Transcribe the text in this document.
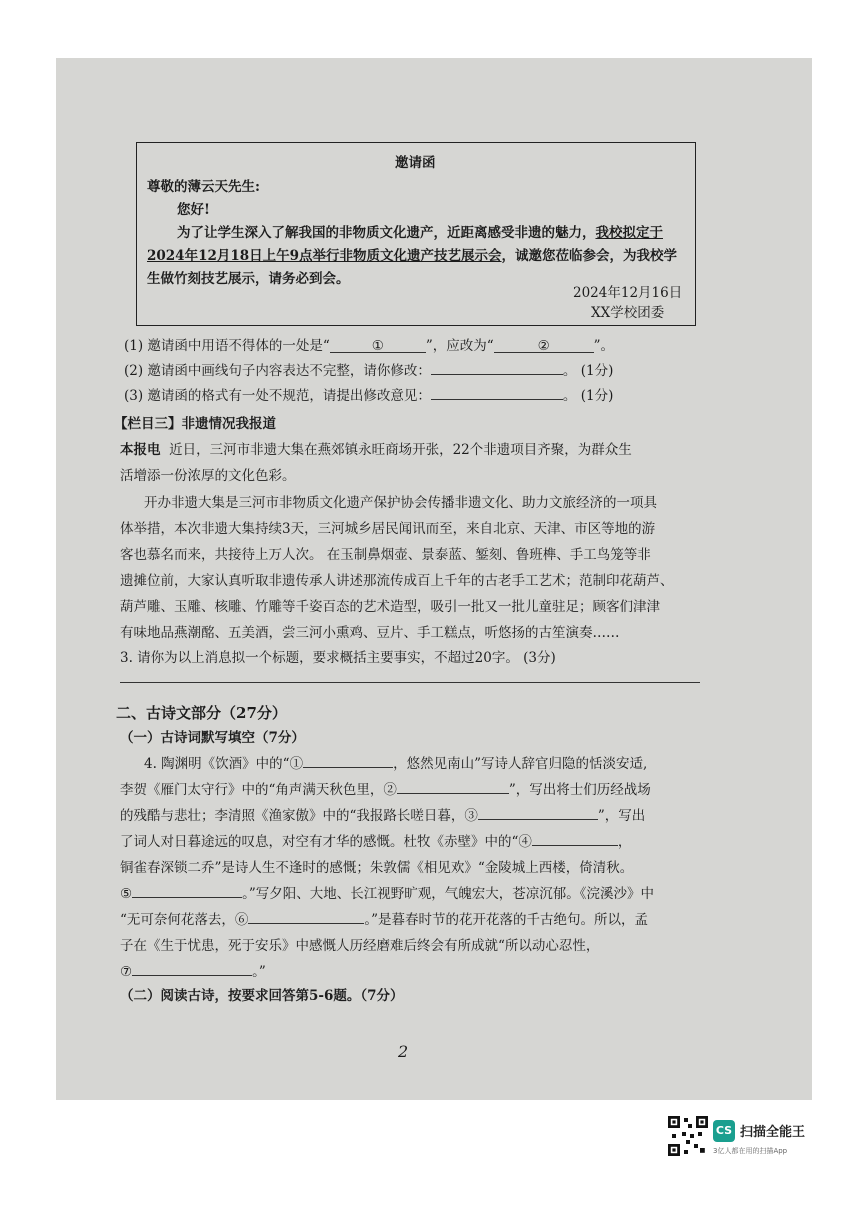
邀请函
尊敬的薄云天先生:
您好!
为了让学生深入了解我国的非物质文化遗产，近距离感受非遗的魅力，我校拟定于
2024年12月18日上午9点举行非物质文化遗产技艺展示会，诚邀您莅临参会，为我校学
生做竹刻技艺展示，请务必到会。
2024年12月16日
XX学校团委
(1) 邀请函中用语不得体的一处是“	①	”，应改为“	②	”。
(2) 邀请函中画线句子内容表达不完整，请你修改：	。 (1分)
(3) 邀请函的格式有一处不规范，请提出修改意见：	。 (1分)
【栏目三】非遗情况我报道
本报电 近日，三河市非遗大集在燕郊镇永旺商场开张，22个非遗项目齐聚，为群众生
活增添一份浓厚的文化色彩。
开办非遗大集是三河市非物质文化遗产保护协会传播非遗文化、助力文旅经济的一项具
体举措，本次非遗大集持续3天，三河城乡居民闻讯而至，来自北京、天津、市区等地的游
客也慕名而来，共接待上万人次。 在玉制鼻烟壶、景泰蓝、錾刻、鲁班榫、手工鸟笼等非
遗摊位前，大家认真听取非遗传承人讲述那流传成百上千年的古老手工艺术；范制印花葫芦、
葫芦雕、玉雕、核雕、竹雕等千姿百态的艺术造型，吸引一批又一批儿童驻足；顾客们津津
有味地品燕潮酩、五美酒，尝三河小熏鸡、豆片、手工糕点，听悠扬的古笙演奏……
3. 请你为以上消息拟一个标题，要求概括主要事实，不超过20字。 (3分)
二、古诗文部分（27分）
（一）古诗词默写填空（7分）
4. 陶渊明《饮酒》中的“①	，悠然见南山”写诗人辞官归隐的恬淡安适,
李贺《雁门太守行》中的“角声满天秋色里，②	”，写出将士们历经战场
的残酷与悲壮；李清照《渔家傲》中的“我报路长嗟日暮，③	”，写出
了词人对日暮途远的叹息，对空有才华的感慨。杜牧《赤壁》中的“④	，
铜雀春深锁二乔”是诗人生不逢时的感慨；朱敦儒《相见欢》“金陵城上西楼，倚清秋。
⑤	。”写夕阳、大地、长江视野旷观，气魄宏大，苍凉沉郁。《浣溪沙》中
“无可奈何花落去，⑥	。”是暮春时节的花开花落的千古绝句。所以，孟
子在《生于忧患，死于安乐》中感慨人历经磨难后终会有所成就“所以动心忍性，
⑦	。”
（二）阅读古诗，按要求回答第5-6题。（7分）
2
CS 扫描全能王
3亿人都在用的扫描App
